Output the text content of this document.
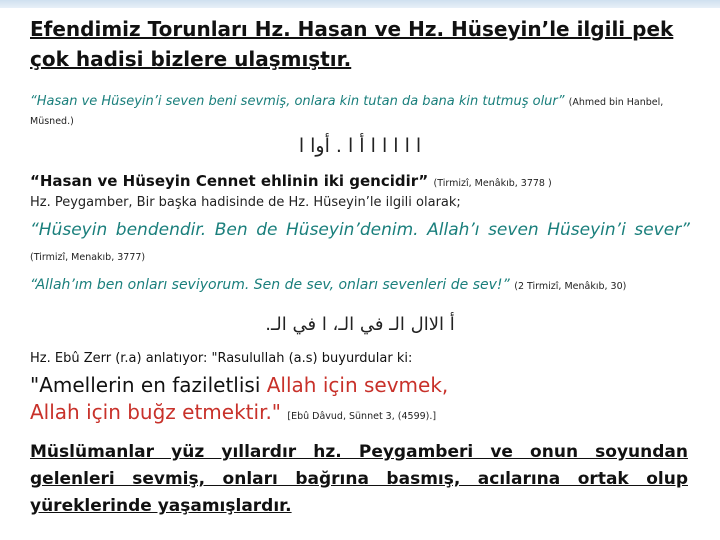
Efendimiz Torunları Hz. Hasan ve Hz. Hüseyin’le ilgili pek çok hadisi bizlere ulaşmıştır.
“Hasan ve Hüseyin’i seven beni sevmiş, onlara kin tutan da bana kin tutmuş olur” (Ahmed bin Hanbel, Müsned.)
ا ا ا ا ا أ ا . أوا ا
“Hasan ve Hüseyin Cennet ehlinin iki gencidir” (Tirmizî, Menâkıb, 3778 )
Hz. Peygamber, Bir başka hadisinde de Hz. Hüseyin’le ilgili olarak;
“Hüseyin benden​dir. Ben de Hüseyin’denim. Allah’ı seven Hüseyin’i sever” (Tirmizî, Menakıb, 3777)
“Allah’ım ben onları seviyorum. Sen de sev, onları sevenleri de sev!” (2 Tirmizî, Menâkıb, 30)
أ الاال الـ في الـ، ا في الـ.
Hz. Ebû Zerr (r.a) anlatıyor: "Rasulullah (a.s) buyurdular ki:
"Amellerin en faziletlisi Allah için sevmek,
Allah için buğz etmektir." [Ebû Dâvud, Sünnet 3, (4599).]
Müslümanlar yüz yıllardır hz. Peygamberi ve onun soyundan gelenleri sevmiş, onları bağrına basmış, acılarına ortak olup yüreklerinde yaşamışlardır.
